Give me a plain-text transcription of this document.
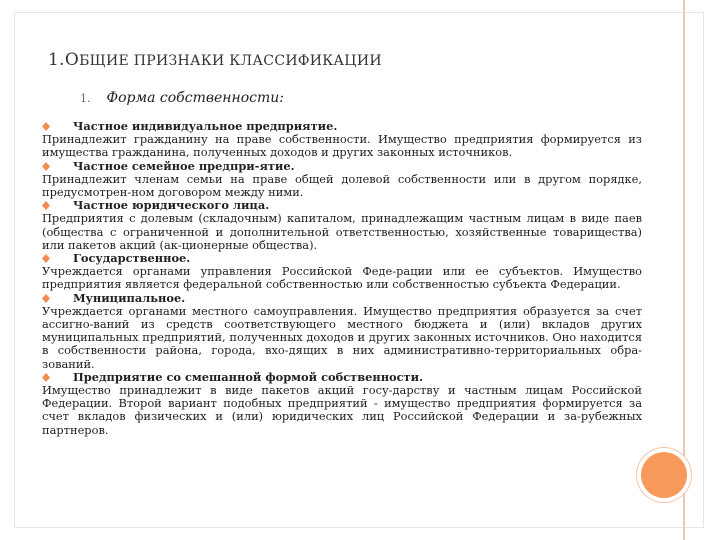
1.ОБЩИЕ ПРИЗНАКИ КЛАССИФИКАЦИИ
1. Форма собственности:
Частное индивидуальное предприятие.
Принадлежит гражданину на праве собственности. Имущество предприятия формируется из имущества гражданина, полученных доходов и других законных источников.
Частное семейное предпри-ятие.
Принадлежит членам семьи на праве общей долевой собственности или в другом порядке, предусмотрен-ном договором между ними.
Частное юридического лица.
Предприятия с долевым (складочным) капиталом, принадлежащим частным лицам в виде паев (общества с ограниченной и дополнительной ответственностью, хозяйственные товарищества) или пакетов акций (ак-ционерные общества).
Государственное.
Учреждается органами управления Российской Феде-рации или ее субъектов. Имущество предприятия является федеральной собственностью или собственностью субъекта Федерации.
Муниципальное.
Учреждается органами местного самоуправления. Имущество предприятия образуется за счет ассигно-ваний из средств соответствующего местного бюджета и (или) вкладов других муниципальных предприятий, полученных доходов и других законных источников. Оно находится в собственности района, города, вхо-дящих в них административно-территориальных обра-зований.
Предприятие со смешанной формой собственности.
Имущество принадлежит в виде пакетов акций госу-дарству и частным лицам Российской Федерации. Второй вариант подобных предприятий - имущество предприятия формируется за счет вкладов физических и (или) юридических лиц Российской Федерации и за-рубежных партнеров.
